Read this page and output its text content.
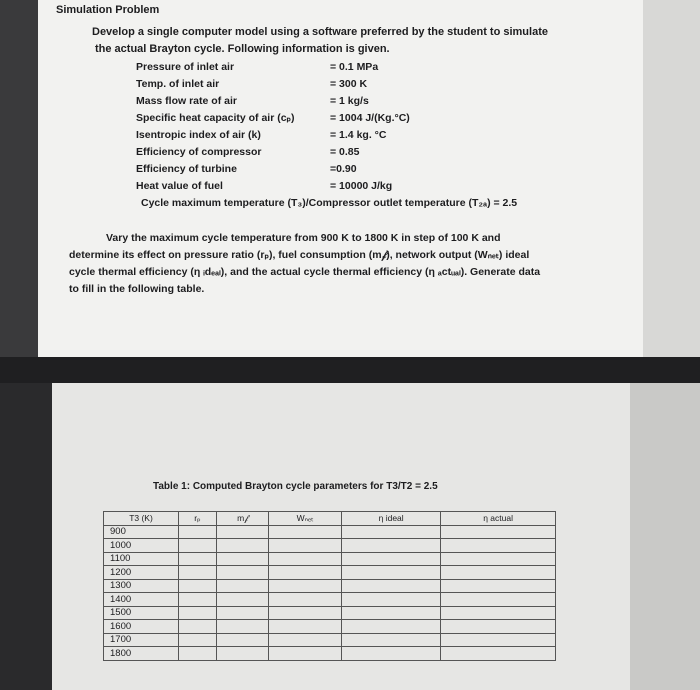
Simulation Problem
Develop a single computer model using a software preferred by the student to simulate
the actual Brayton cycle. Following information is given.
Pressure of inlet air	= 0.1 MPa
Temp. of inlet air	= 300 K
Mass flow rate of air	= 1 kg/s
Specific heat capacity of air (cₚ)	= 1004 J/(Kg.°C)
Isentropic index of air (k)	= 1.4 kg. °C
Efficiency of compressor	= 0.85
Efficiency of turbine	=0.90
Heat value of fuel	= 10000 J/kg
Cycle maximum temperature (T₃)/Compressor outlet temperature (T₂ₐ) = 2.5
Vary the maximum cycle temperature from 900 K to 1800 K in step of 100 K and
determine its effect on pressure ratio (rₚ), fuel consumption (m𝒻), network output (Wₙₑₜ) ideal
cycle thermal efficiency (η ᵢdₑₐₗ), and the actual cycle thermal efficiency (η ₐctᵤₐₗ). Generate data
to fill in the following table.
Table 1: Computed Brayton cycle parameters for T3/T2 = 2.5
T3 (K)	rₚ	m𝒻	Wₙₑₜ	η ideal	η actual
900					
1000					
1100					
1200					
1300					
1400					
1500					
1600					
1700					
1800					
